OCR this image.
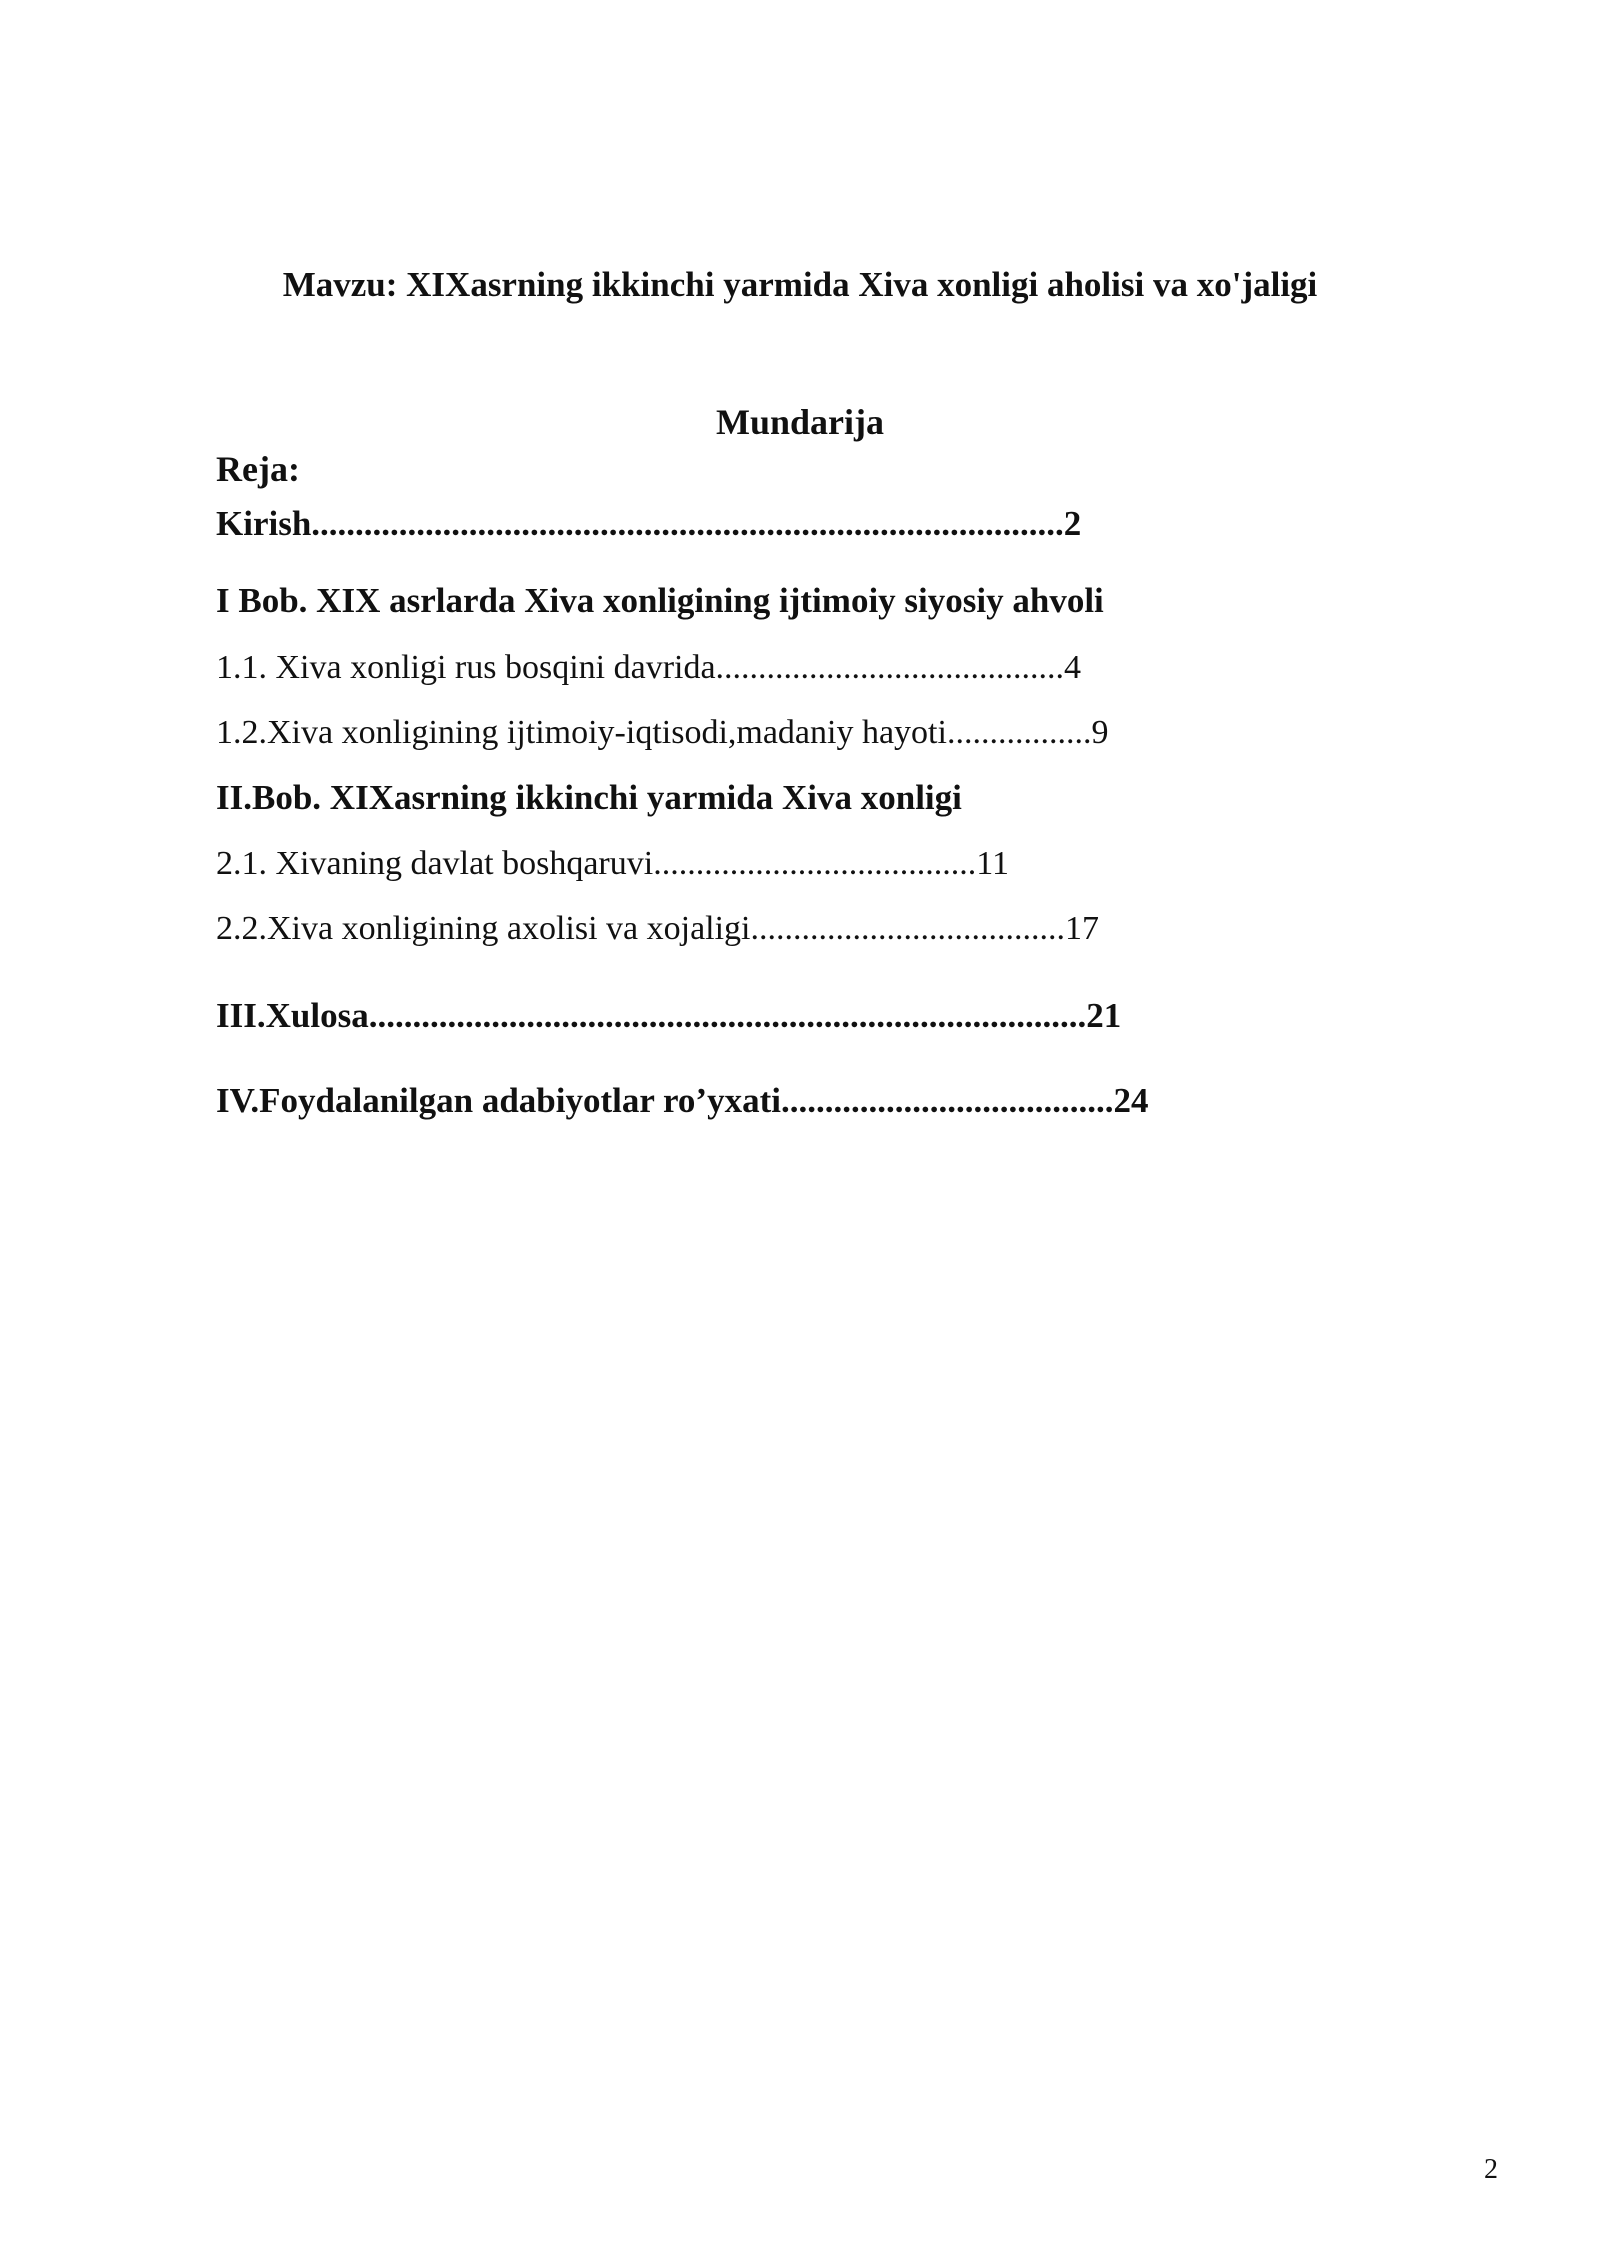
Mavzu: XIXasrning ikkinchi yarmida Xiva xonligi aholisi va xo'jaligi
Mundarija
Reja:
Kirish......................................................................................2
I Bob. XIX asrlarda Xiva xonligining ijtimoiy siyosiy ahvoli
1.1. Xiva xonligi rus bosqini davrida.........................................4
1.2.Xiva xonligining ijtimoiy-iqtisodi,madaniy hayoti.................9
II.Bob. XIXasrning ikkinchi yarmida Xiva xonligi
2.1. Xivaning davlat boshqaruvi......................................11
2.2.Xiva xonligining axolisi va xojaligi.....................................17
III.Xulosa..................................................................................21
IV.Foydalanilgan adabiyotlar ro’yxati......................................24
2
